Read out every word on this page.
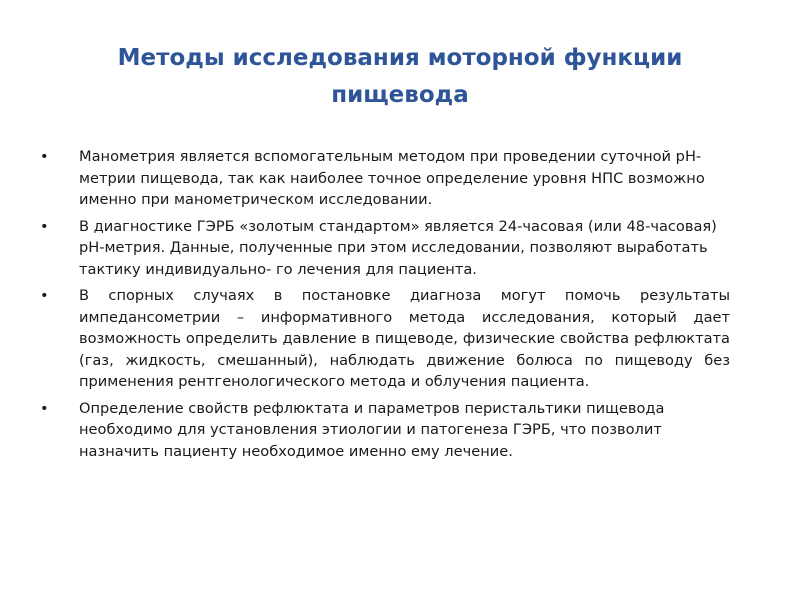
Методы исследования моторной функции пищевода
• Манометрия является вспомогательным методом при проведении суточной рН-метрии пищевода, так как наиболее точное определение уровня НПС возможно именно при манометрическом исследовании.
• В диагностике ГЭРБ «золотым стандартом» является 24-часовая (или 48-часовая) рН-метрия. Данные, полученные при этом исследовании, позволяют выработать тактику индивидуально- го лечения для пациента.
• В спорных случаях в постановке диагноза могут помочь результаты импедансометрии – информативного метода исследования, который дает возможность определить давление в пищеводе, физические свойства рефлюктата (газ, жидкость, смешанный), наблюдать движение болюса по пищеводу без применения рентгенологического метода и облучения пациента.
• Определение свойств рефлюктата и параметров перистальтики пищевода необходимо для установления этиологии и патогенеза ГЭРБ, что позволит назначить пациенту необходимое именно ему лечение.
